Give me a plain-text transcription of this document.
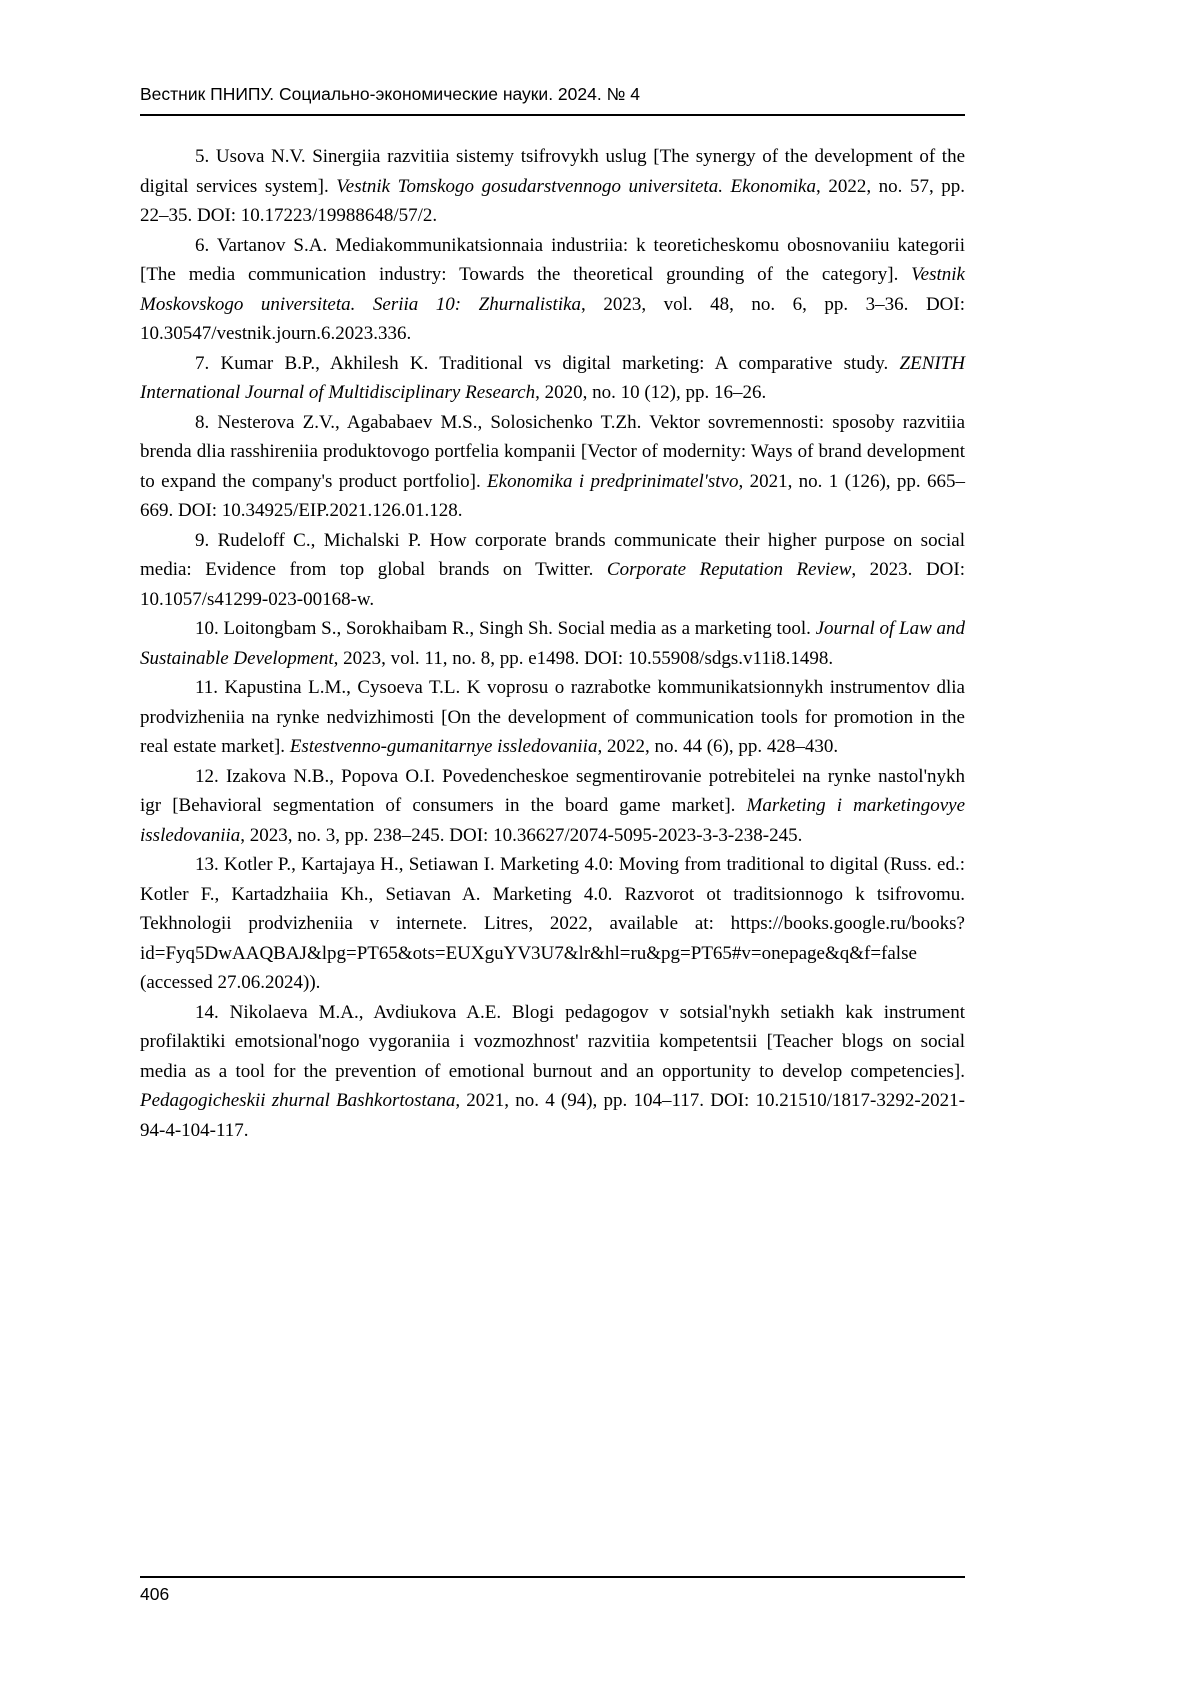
Вестник ПНИПУ. Социально-экономические науки. 2024. № 4

5. Usova N.V. Sinergiia razvitiia sistemy tsifrovykh uslug [The synergy of the development of the digital services system]. Vestnik Tomskogo gosudarstvennogo universiteta. Ekonomika, 2022, no. 57, pp. 22–35. DOI: 10.17223/19988648/57/2.

6. Vartanov S.A. Mediakommunikatsionnaia industriia: k teoreticheskomu obosnovaniiu kategorii [The media communication industry: Towards the theoretical grounding of the category]. Vestnik Moskovskogo universiteta. Seriia 10: Zhurnalistika, 2023, vol. 48, no. 6, pp. 3–36. DOI: 10.30547/vestnik.journ.6.2023.336.

7. Kumar B.P., Akhilesh K. Traditional vs digital marketing: A comparative study. ZENITH International Journal of Multidisciplinary Research, 2020, no. 10 (12), pp. 16–26.

8. Nesterova Z.V., Agababaev M.S., Solosichenko T.Zh. Vektor sovremennosti: sposoby razvitiia brenda dlia rasshireniia produktovogo portfelia kompanii [Vector of modernity: Ways of brand development to expand the company's product portfolio]. Ekonomika i predprinimatel'stvo, 2021, no. 1 (126), pp. 665–669. DOI: 10.34925/EIP.2021.126.01.128.

9. Rudeloff C., Michalski P. How corporate brands communicate their higher purpose on social media: Evidence from top global brands on Twitter. Corporate Reputation Review, 2023. DOI: 10.1057/s41299-023-00168-w.

10. Loitongbam S., Sorokhaibam R., Singh Sh. Social media as a marketing tool. Journal of Law and Sustainable Development, 2023, vol. 11, no. 8, pp. e1498. DOI: 10.55908/sdgs.v11i8.1498.

11. Kapustina L.M., Cysoeva T.L. K voprosu o razrabotke kommunikatsionnykh instrumentov dlia prodvizheniia na rynke nedvizhimosti [On the development of communication tools for promotion in the real estate market]. Estestvenno-gumanitarnye issledovaniia, 2022, no. 44 (6), pp. 428–430.

12. Izakova N.B., Popova O.I. Povedencheskoe segmentirovanie potrebitelei na rynke nastol'nykh igr [Behavioral segmentation of consumers in the board game market]. Marketing i marketingovye issledovaniia, 2023, no. 3, pp. 238–245. DOI: 10.36627/2074-5095-2023-3-3-238-245.

13. Kotler P., Kartajaya H., Setiawan I. Marketing 4.0: Moving from traditional to digital (Russ. ed.: Kotler F., Kartadzhaiia Kh., Setiavan A. Marketing 4.0. Razvorot ot traditsionnogo k tsifrovomu. Tekhnologii prodvizheniia v internete. Litres, 2022, available at: https://books.google.ru/books?id=Fyq5DwAAQBAJ&lpg=PT65&ots=EUXguYV3U7&lr&hl=ru&pg=PT65#v=onepage&q&f=false (accessed 27.06.2024)).

14. Nikolaeva M.A., Avdiukova A.E. Blogi pedagogov v sotsial'nykh setiakh kak instrument profilaktiki emotsional'nogo vygoraniia i vozmozhnost' razvitiia kompetentsii [Teacher blogs on social media as a tool for the prevention of emotional burnout and an opportunity to develop competencies]. Pedagogicheskii zhurnal Bashkortostana, 2021, no. 4 (94), pp. 104–117. DOI: 10.21510/1817-3292-2021-94-4-104-117.

406
